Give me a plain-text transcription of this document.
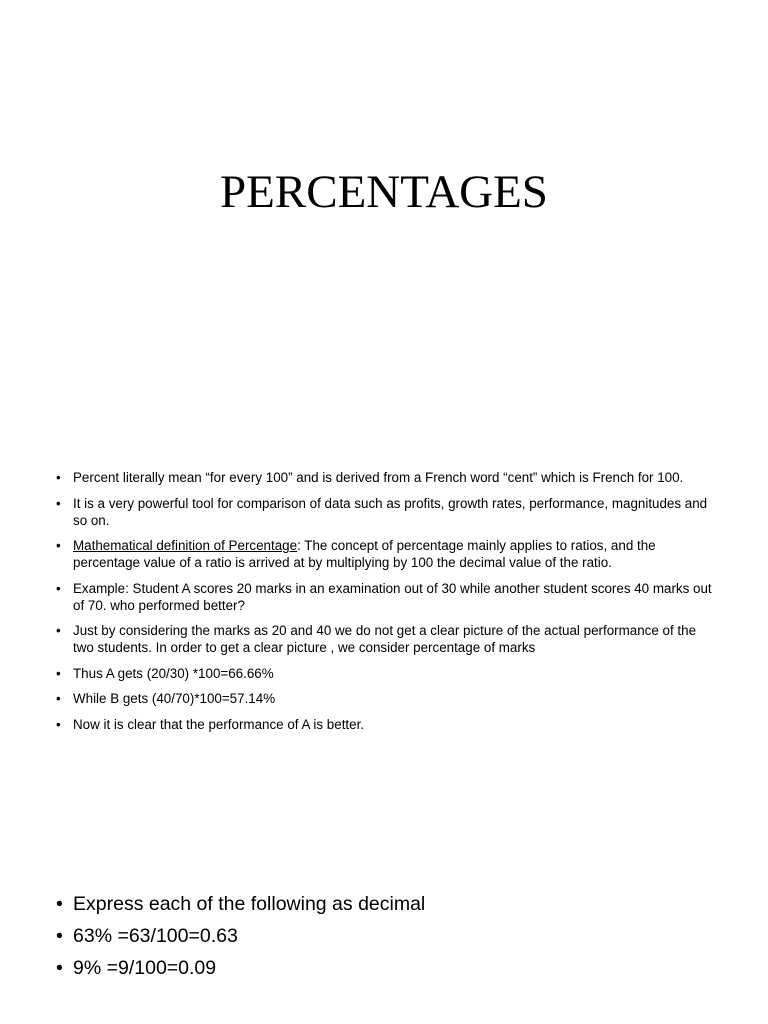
PERCENTAGES
• Percent literally mean “for every 100” and is derived from a French word “cent” which is French for 100.
• It is a very powerful tool for comparison of data such as profits, growth rates, performance, magnitudes and so on.
• Mathematical definition of Percentage: The concept of percentage mainly applies to ratios, and the percentage value of a ratio is arrived at by multiplying by 100 the decimal value of the ratio.
• Example: Student A scores 20 marks in an examination out of 30 while another student scores 40 marks out of 70. who performed better?
• Just by considering the marks as 20 and 40 we do not get a clear picture of the actual performance of the two students. In order to get a clear picture , we consider percentage of marks
• Thus A gets (20/30) *100=66.66%
• While B gets (40/70)*100=57.14%
• Now it is clear that the performance of A is better.
• Express each of the following as decimal
• 63% =63/100=0.63
• 9% =9/100=0.09
